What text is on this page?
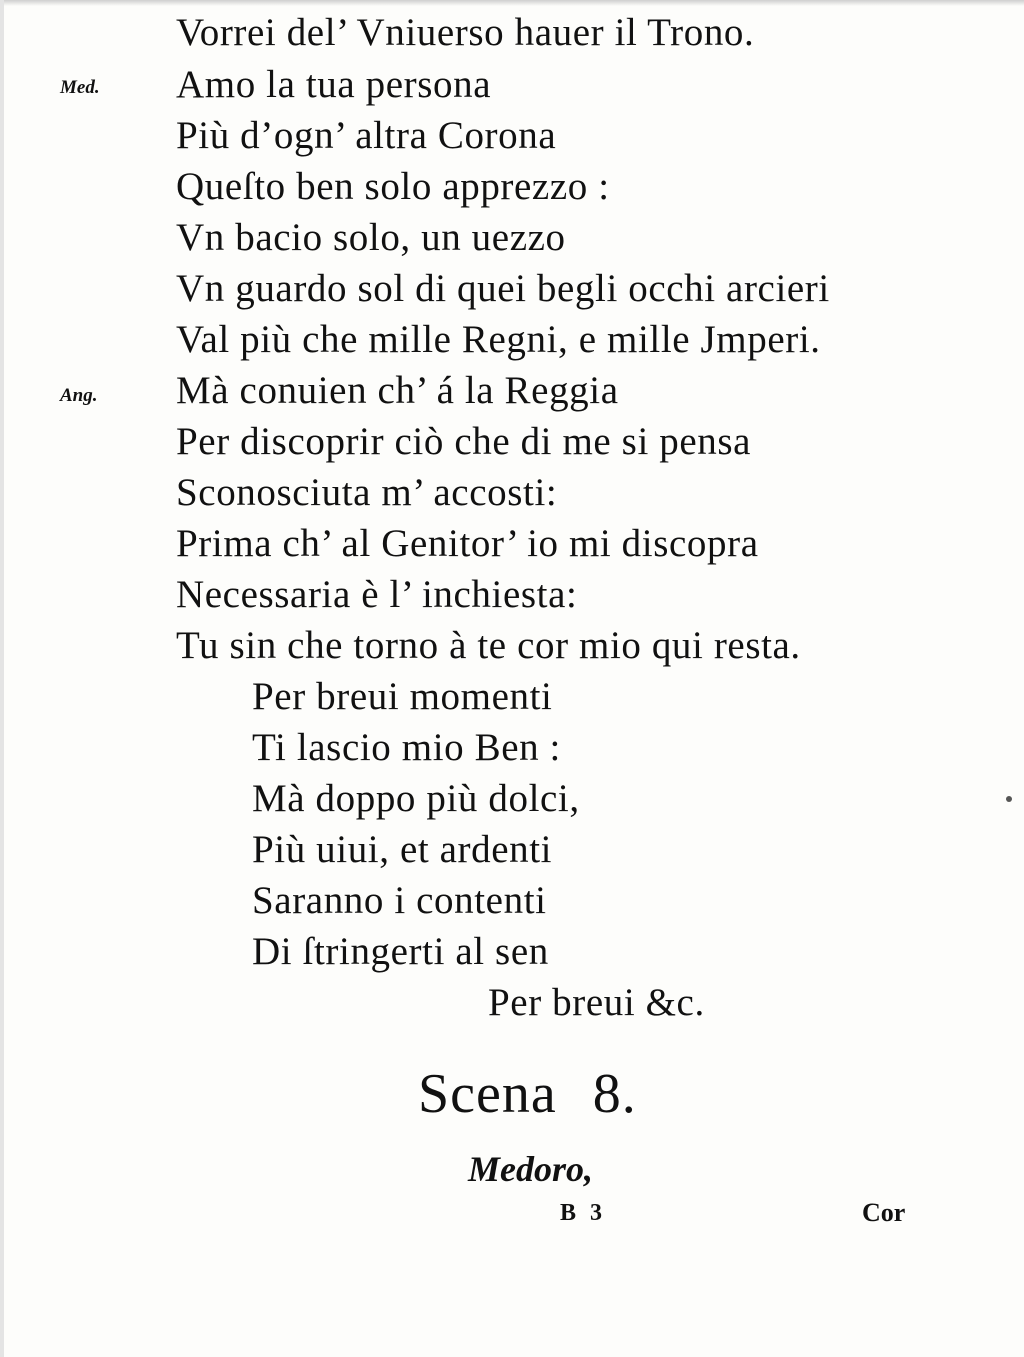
Med.
Ang.
Vorrei del’ Vniuerso hauer il Trono.
Amo la tua persona
Più d’ogn’ altra Corona
Queſto ben solo apprezzo :
Vn bacio solo, un uezzo
Vn guardo sol di quei begli occhi arcieri
Val più che mille Regni, e mille Jmperi.
Mà conuien ch’ á la Reggia
Per discoprir ciò che di me si pensa
Sconosciuta m’ accosti:
Prima ch’ al Genitor’ io mi discopra
Necessaria è l’ inchiesta:
Tu sin che torno à te cor mio qui resta.
Per breui momenti
Ti lascio mio Ben :
Mà doppo più dolci,
Più uiui, et ardenti
Saranno i contenti
Di ſtringerti al sen
Per breui &c.
Scena 8.
Medoro,
B 3	Cor
